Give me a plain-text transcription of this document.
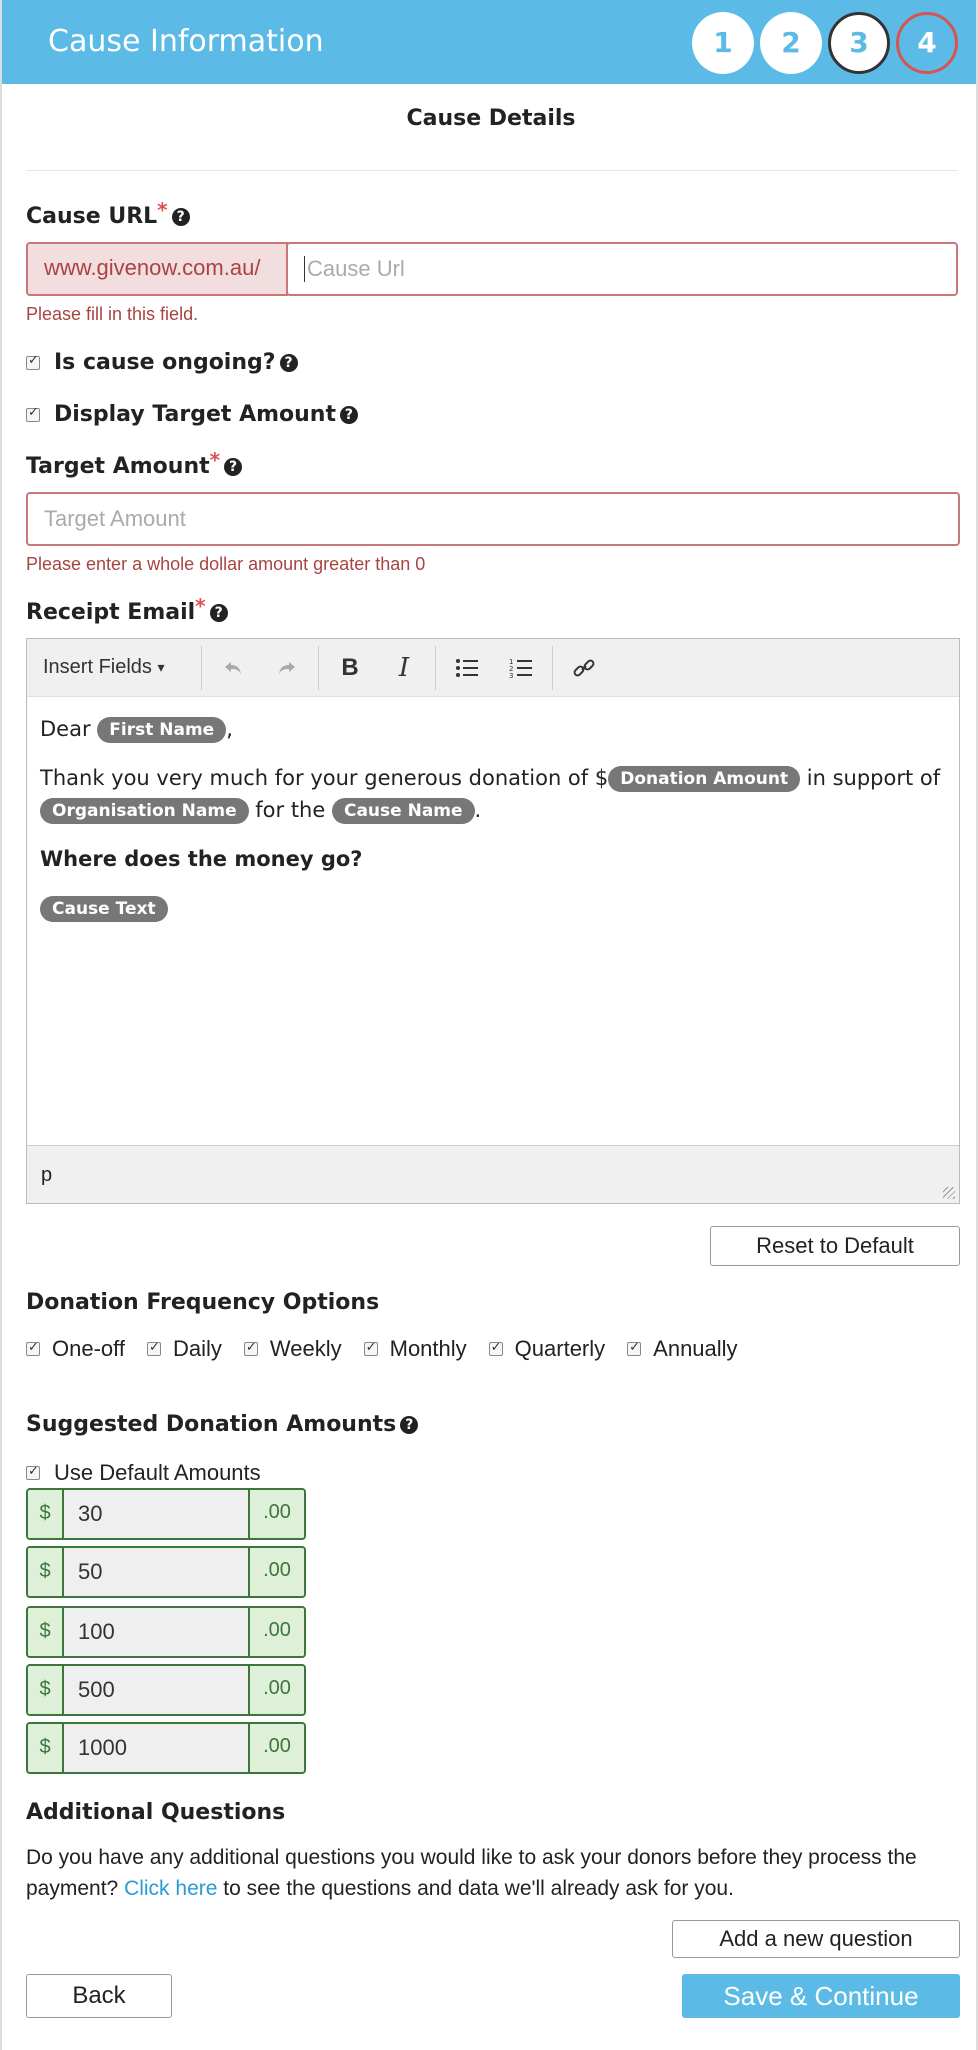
Cause Information	1	2	3	4
Cause Details
Cause URL* ?
www.givenow.com.au/	Cause Url
Please fill in this field.
✓
Is cause ongoing? ?
✓
Display Target Amount ?
Target Amount* ?
Target Amount
Please enter a whole dollar amount greater than 0
Receipt Email* ?
Insert Fields
▾	B	I	1
2
3

Dear First Name ,

Thank you very much for your generous donation of $ Donation Amount in support of Organisation Name for the Cause Name .

Where does the money go?

Cause Text

p
Reset to Default
Donation Frequency Options
✓
One-off ✓ Daily ✓ Weekly ✓ Monthly ✓ Quarterly ✓ Annually
Suggested Donation Amounts ?
✓
Use Default Amounts
$	30	.00
$	50	.00
$	100	.00
$	500	.00
$	1000	.00
Additional Questions
Do you have any additional questions you would like to ask your donors before they process the payment? Click here to see the questions and data we'll already ask for you.
Add a new question
Back	Save & Continue
